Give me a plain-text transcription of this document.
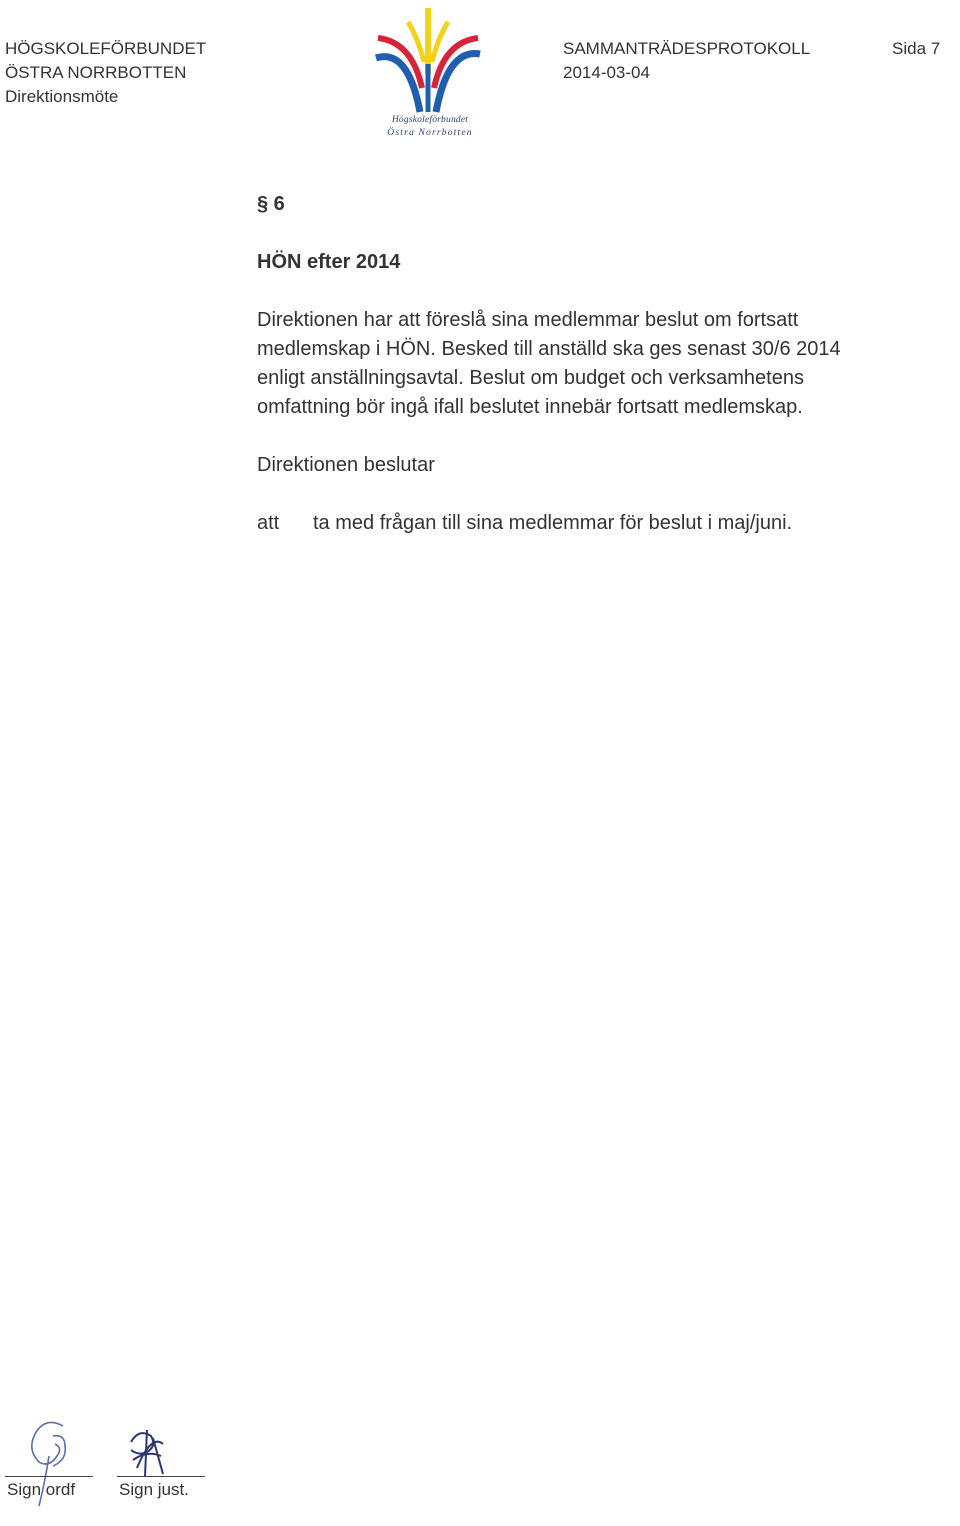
HÖGSKOLEFÖRBUNDET
ÖSTRA NORRBOTTEN
Direktionsmöte
Högskoleförbundet
Östra Norrbotten
SAMMANTRÄDESPROTOKOLL
2014-03-04
Sida 7

§ 6

HÖN efter 2014

Direktionen har att föreslå sina medlemmar beslut om fortsatt medlemskap i HÖN. Besked till anställd ska ges senast 30/6 2014 enligt anställningsavtal. Beslut om budget och verksamhetens omfattning bör ingå ifall beslutet innebär fortsatt medlemskap.

Direktionen beslutar

att	ta med frågan till sina medlemmar för beslut i maj/juni.
Sign ordf	Sign just.
